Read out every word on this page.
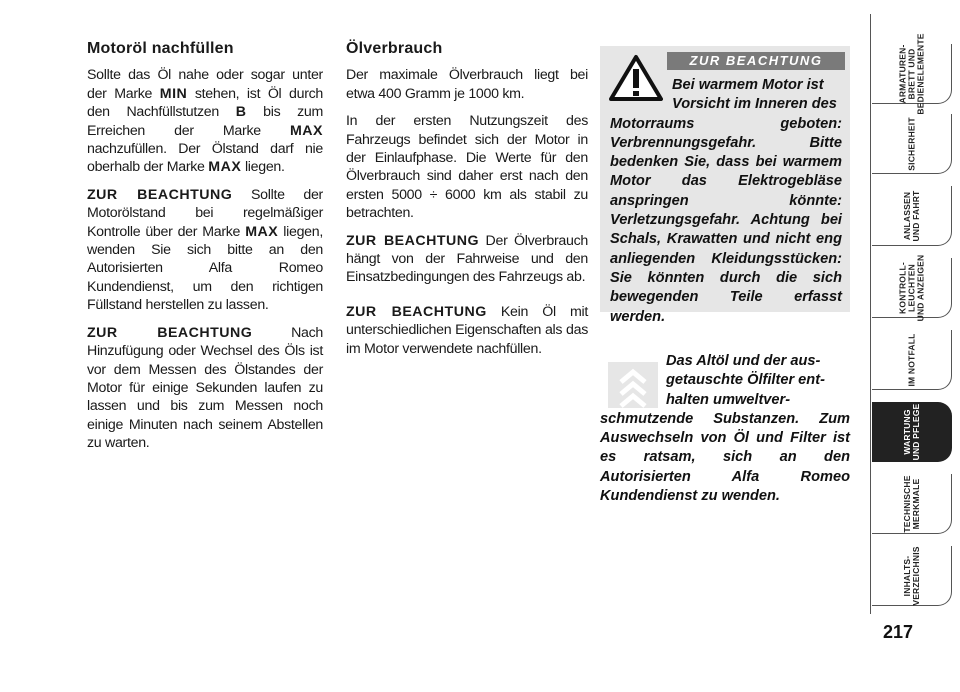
Motoröl nachfüllen

Sollte das Öl nahe oder sogar unter der Marke MIN stehen, ist Öl durch den Nachfüllstutzen B bis zum Erreichen der Marke MAX nachzufüllen. Der Ölstand darf nie oberhalb der Marke MAX liegen.

ZUR BEACHTUNG Sollte der Motorölstand bei regelmäßiger Kontrolle über der Marke MAX liegen, wenden Sie sich bitte an den Autorisierten Alfa Romeo Kundendienst, um den richtigen Füllstand herstellen zu lassen.

ZUR BEACHTUNG Nach Hinzufügung oder Wechsel des Öls ist vor dem Messen des Ölstandes der Motor für einige Sekunden laufen zu lassen und bis zum Messen noch einige Minuten nach seinem Abstellen zu warten.

Ölverbrauch

Der maximale Ölverbrauch liegt bei etwa 400 Gramm je 1000 km.

In der ersten Nutzungszeit des Fahrzeugs befindet sich der Motor in der Einlaufphase. Die Werte für den Ölverbrauch sind daher erst nach den ersten 5000 ÷ 6000 km als stabil zu betrachten.

ZUR BEACHTUNG Der Ölverbrauch hängt von der Fahrweise und den Einsatzbedingungen des Fahrzeugs ab.

ZUR BEACHTUNG Kein Öl mit unterschiedlichen Eigenschaften als das im Motor verwendete nachfüllen.

ZUR BEACHTUNG
Bei warmem Motor ist
Vorsicht im Inneren des
Motorraums geboten: Verbrennungsgefahr. Bitte bedenken Sie, dass bei warmem Motor das Elektrogebläse anspringen könnte: Verletzungsgefahr. Achtung bei Schals, Krawatten und nicht eng anliegenden Kleidungsstücken: Sie könnten durch die sich bewegenden Teile erfasst werden.
Das Altöl und der aus-
getauschte Ölfilter ent-
halten umweltver-
schmutzende Substanzen. Zum Auswechseln von Öl und Filter ist es ratsam, sich an den Autorisierten Alfa Romeo Kundendienst zu wenden.
ARMATUREN-
BRETT UND
BEDIENELEMENTE
SICHERHEIT
ANLASSEN
UND FAHRT
KONTROLL-
LEUCHTEN
UND ANZEIGEN
IM NOTFALL
WARTUNG
UND PFLEGE
TECHNISCHE
MERKMALE
INHALTS-
VERZEICHNIS
217
